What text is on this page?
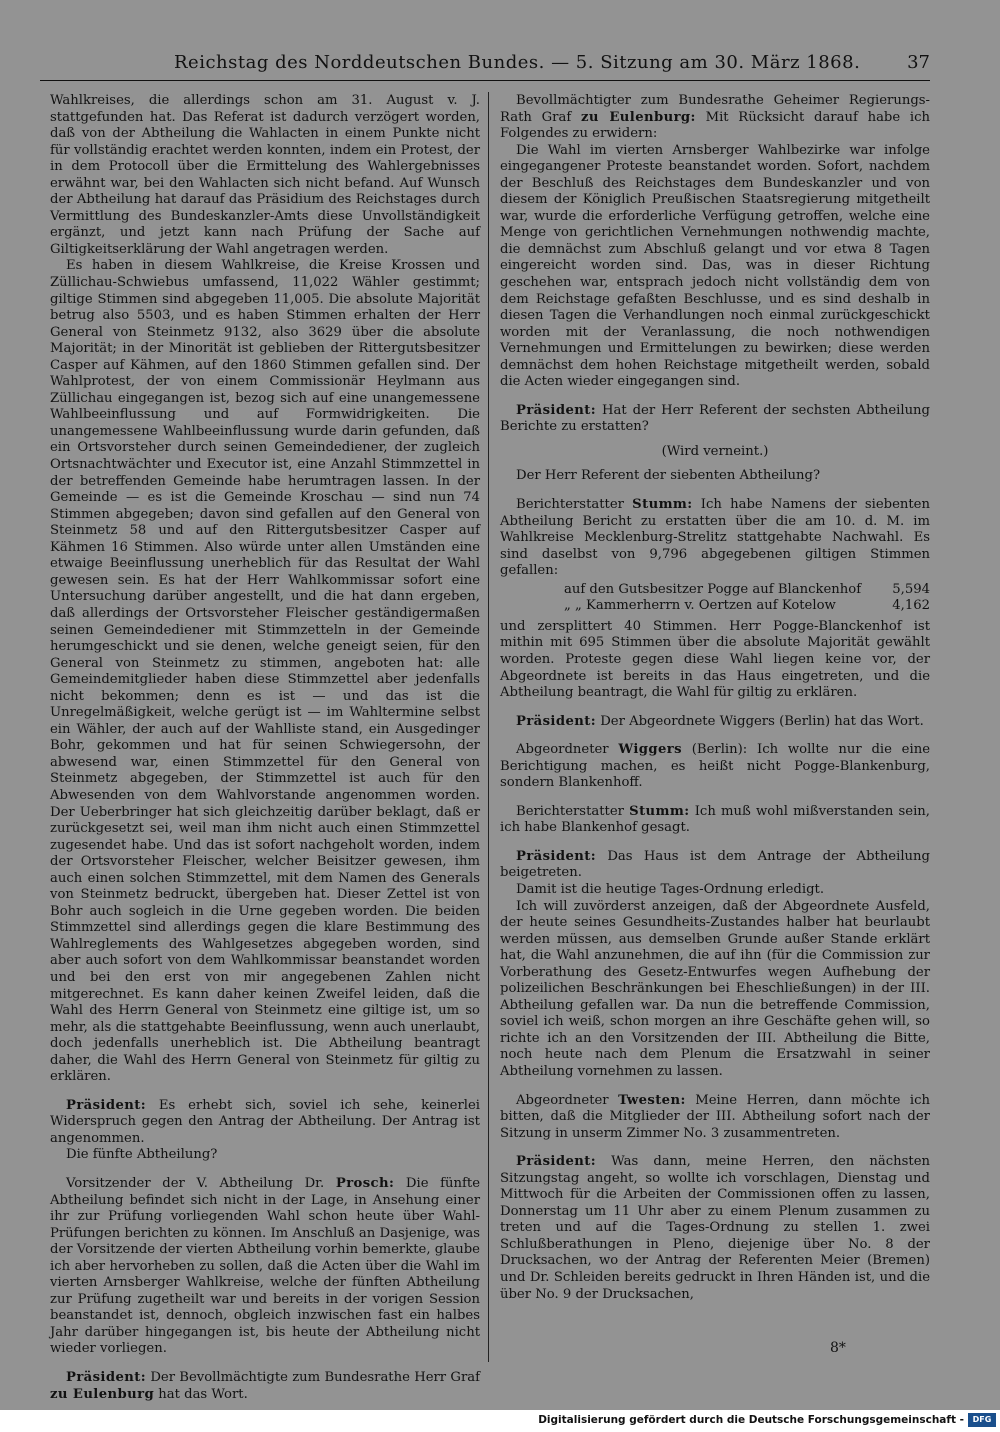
Reichstag des Norddeutschen Bundes. — 5. Sitzung am 30. März 1868.	37

Wahlkreises, die allerdings schon am 31. August v. J. stattgefunden hat. Das Referat ist dadurch verzögert worden, daß von der Abtheilung die Wahlacten in einem Punkte nicht für vollständig erachtet werden konnten, indem ein Protest, der in dem Protocoll über die Ermittelung des Wahlergebnisses erwähnt war, bei den Wahlacten sich nicht befand. Auf Wunsch der Abtheilung hat darauf das Präsidium des Reichstages durch Vermittlung des Bundeskanzler-Amts diese Unvollständigkeit ergänzt, und jetzt kann nach Prüfung der Sache auf Giltigkeitserklärung der Wahl angetragen werden.

Es haben in diesem Wahlkreise, die Kreise Krossen und Züllichau-Schwiebus umfassend, 11,022 Wähler gestimmt; giltige Stimmen sind abgegeben 11,005. Die absolute Majorität betrug also 5503, und es haben Stimmen erhalten der Herr General von Steinmetz 9132, also 3629 über die absolute Majorität; in der Minorität ist geblieben der Rittergutsbesitzer Casper auf Kähmen, auf den 1860 Stimmen gefallen sind. Der Wahlprotest, der von einem Commissionär Heylmann aus Züllichau eingegangen ist, bezog sich auf eine unangemessene Wahlbeeinflussung und auf Formwidrigkeiten. Die unangemessene Wahlbeeinflussung wurde darin gefunden, daß ein Ortsvorsteher durch seinen Gemeindediener, der zugleich Ortsnachtwächter und Executor ist, eine Anzahl Stimmzettel in der betreffenden Gemeinde habe herumtragen lassen. In der Gemeinde — es ist die Gemeinde Kroschau — sind nun 74 Stimmen abgegeben; davon sind gefallen auf den General von Steinmetz 58 und auf den Rittergutsbesitzer Casper auf Kähmen 16 Stimmen. Also würde unter allen Umständen eine etwaige Beeinflussung unerheblich für das Resultat der Wahl gewesen sein. Es hat der Herr Wahlkommissar sofort eine Untersuchung darüber angestellt, und die hat dann ergeben, daß allerdings der Ortsvorsteher Fleischer geständigermaßen seinen Gemeindediener mit Stimmzetteln in der Gemeinde herumgeschickt und sie denen, welche geneigt seien, für den General von Steinmetz zu stimmen, angeboten hat: alle Gemeindemitglieder haben diese Stimmzettel aber jedenfalls nicht bekommen; denn es ist — und das ist die Unregelmäßigkeit, welche gerügt ist — im Wahltermine selbst ein Wähler, der auch auf der Wahlliste stand, ein Ausgedinger Bohr, gekommen und hat für seinen Schwiegersohn, der abwesend war, einen Stimmzettel für den General von Steinmetz abgegeben, der Stimmzettel ist auch für den Abwesenden von dem Wahlvorstande angenommen worden. Der Ueberbringer hat sich gleichzeitig darüber beklagt, daß er zurückgesetzt sei, weil man ihm nicht auch einen Stimmzettel zugesendet habe. Und das ist sofort nachgeholt worden, indem der Ortsvorsteher Fleischer, welcher Beisitzer gewesen, ihm auch einen solchen Stimmzettel, mit dem Namen des Generals von Steinmetz bedruckt, übergeben hat. Dieser Zettel ist von Bohr auch sogleich in die Urne gegeben worden. Die beiden Stimmzettel sind allerdings gegen die klare Bestimmung des Wahlreglements des Wahlgesetzes abgegeben worden, sind aber auch sofort von dem Wahlkommissar beanstandet worden und bei den erst von mir angegebenen Zahlen nicht mitgerechnet. Es kann daher keinen Zweifel leiden, daß die Wahl des Herrn General von Steinmetz eine giltige ist, um so mehr, als die stattgehabte Beeinflussung, wenn auch unerlaubt, doch jedenfalls unerheblich ist. Die Abtheilung beantragt daher, die Wahl des Herrn General von Steinmetz für giltig zu erklären.

Präsident: Es erhebt sich, soviel ich sehe, keinerlei Widerspruch gegen den Antrag der Abtheilung. Der Antrag ist angenommen.

Die fünfte Abtheilung?

Vorsitzender der V. Abtheilung Dr. Prosch: Die fünfte Abtheilung befindet sich nicht in der Lage, in Ansehung einer ihr zur Prüfung vorliegenden Wahl schon heute über Wahl-Prüfungen berichten zu können. Im Anschluß an Dasjenige, was der Vorsitzende der vierten Abtheilung vorhin bemerkte, glaube ich aber hervorheben zu sollen, daß die Acten über die Wahl im vierten Arnsberger Wahlkreise, welche der fünften Abtheilung zur Prüfung zugetheilt war und bereits in der vorigen Session beanstandet ist, dennoch, obgleich inzwischen fast ein halbes Jahr darüber hingegangen ist, bis heute der Abtheilung nicht wieder vorliegen.

Präsident: Der Bevollmächtigte zum Bundesrathe Herr Graf zu Eulenburg hat das Wort.

Bevollmächtigter zum Bundesrathe Geheimer Regierungs-Rath Graf zu Eulenburg: Mit Rücksicht darauf habe ich Folgendes zu erwidern:

Die Wahl im vierten Arnsberger Wahlbezirke war infolge eingegangener Proteste beanstandet worden. Sofort, nachdem der Beschluß des Reichstages dem Bundeskanzler und von diesem der Königlich Preußischen Staatsregierung mitgetheilt war, wurde die erforderliche Verfügung getroffen, welche eine Menge von gerichtlichen Vernehmungen nothwendig machte, die demnächst zum Abschluß gelangt und vor etwa 8 Tagen eingereicht worden sind. Das, was in dieser Richtung geschehen war, entsprach jedoch nicht vollständig dem von dem Reichstage gefaßten Beschlusse, und es sind deshalb in diesen Tagen die Verhandlungen noch einmal zurückgeschickt worden mit der Veranlassung, die noch nothwendigen Vernehmungen und Ermittelungen zu bewirken; diese werden demnächst dem hohen Reichstage mitgetheilt werden, sobald die Acten wieder eingegangen sind.

Präsident: Hat der Herr Referent der sechsten Abtheilung Berichte zu erstatten?

(Wird verneint.)

Der Herr Referent der siebenten Abtheilung?

Berichterstatter Stumm: Ich habe Namens der siebenten Abtheilung Bericht zu erstatten über die am 10. d. M. im Wahlkreise Mecklenburg-Strelitz stattgehabte Nachwahl. Es sind daselbst von 9,796 abgegebenen giltigen Stimmen gefallen:

auf den Gutsbesitzer Pogge auf Blanckenhof 5,594
„ „ Kammerherrn v. Oertzen auf Kotelow	4,162

und zersplittert 40 Stimmen. Herr Pogge-Blanckenhof ist mithin mit 695 Stimmen über die absolute Majorität gewählt worden. Proteste gegen diese Wahl liegen keine vor, der Abgeordnete ist bereits in das Haus eingetreten, und die Abtheilung beantragt, die Wahl für giltig zu erklären.

Präsident: Der Abgeordnete Wiggers (Berlin) hat das Wort.

Abgeordneter Wiggers (Berlin): Ich wollte nur die eine Berichtigung machen, es heißt nicht Pogge-Blankenburg, sondern Blankenhoff.

Berichterstatter Stumm: Ich muß wohl mißverstanden sein, ich habe Blankenhof gesagt.

Präsident: Das Haus ist dem Antrage der Abtheilung beigetreten.

Damit ist die heutige Tages-Ordnung erledigt.

Ich will zuvörderst anzeigen, daß der Abgeordnete Ausfeld, der heute seines Gesundheits-Zustandes halber hat beurlaubt werden müssen, aus demselben Grunde außer Stande erklärt hat, die Wahl anzunehmen, die auf ihn (für die Commission zur Vorberathung des Gesetz-Entwurfes wegen Aufhebung der polizeilichen Beschränkungen bei Eheschließungen) in der III. Abtheilung gefallen war. Da nun die betreffende Commission, soviel ich weiß, schon morgen an ihre Geschäfte gehen will, so richte ich an den Vorsitzenden der III. Abtheilung die Bitte, noch heute nach dem Plenum die Ersatzwahl in seiner Abtheilung vornehmen zu lassen.

Abgeordneter Twesten: Meine Herren, dann möchte ich bitten, daß die Mitglieder der III. Abtheilung sofort nach der Sitzung in unserm Zimmer No. 3 zusammentreten.

Präsident: Was dann, meine Herren, den nächsten Sitzungstag angeht, so wollte ich vorschlagen, Dienstag und Mittwoch für die Arbeiten der Commissionen offen zu lassen, Donnerstag um 11 Uhr aber zu einem Plenum zusammen zu treten und auf die Tages-Ordnung zu stellen 1. zwei Schlußberathungen in Pleno, diejenige über No. 8 der Drucksachen, wo der Antrag der Referenten Meier (Bremen) und Dr. Schleiden bereits gedruckt in Ihren Händen ist, und die über No. 9 der Drucksachen,

8*
Digitalisierung gefördert durch die Deutsche Forschungsgemeinschaft -	DFG
